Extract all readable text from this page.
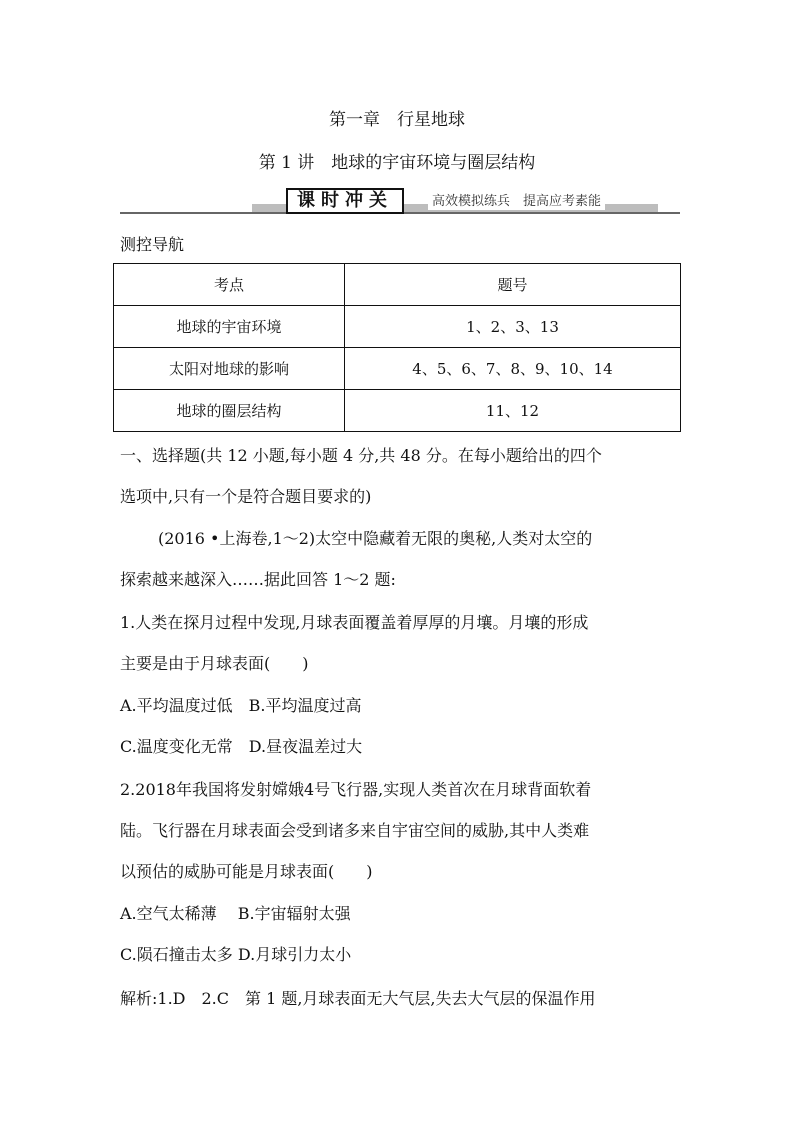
第一章　行星地球
第 1 讲　地球的宇宙环境与圈层结构
课时冲关	高效模拟练兵　提高应考素能
测控导航
考点	题号
地球的宇宙环境	1、2、3、13
太阳对地球的影响	4、5、6、7、8、9、10、14
地球的圈层结构	11、12
一、选择题(共 12 小题,每小题 4 分,共 48 分。在每小题给出的四个
选项中,只有一个是符合题目要求的)
(2016 •上海卷,1～2)太空中隐藏着无限的奥秘,人类对太空的
探索越来越深入……据此回答 1～2 题:
1.人类在探月过程中发现,月球表面覆盖着厚厚的月壤。月壤的形成
主要是由于月球表面(　　)
A.平均温度过低　B.平均温度过高
C.温度变化无常　D.昼夜温差过大
2.2018年我国将发射嫦娥4号飞行器,实现人类首次在月球背面软着
陆。飞行器在月球表面会受到诸多来自宇宙空间的威胁,其中人类难
以预估的威胁可能是月球表面(　　)
A.空气太稀薄　 B.宇宙辐射太强
C.陨石撞击太多 D.月球引力太小
解析:1.D　2.C　第 1 题,月球表面无大气层,失去大气层的保温作用
